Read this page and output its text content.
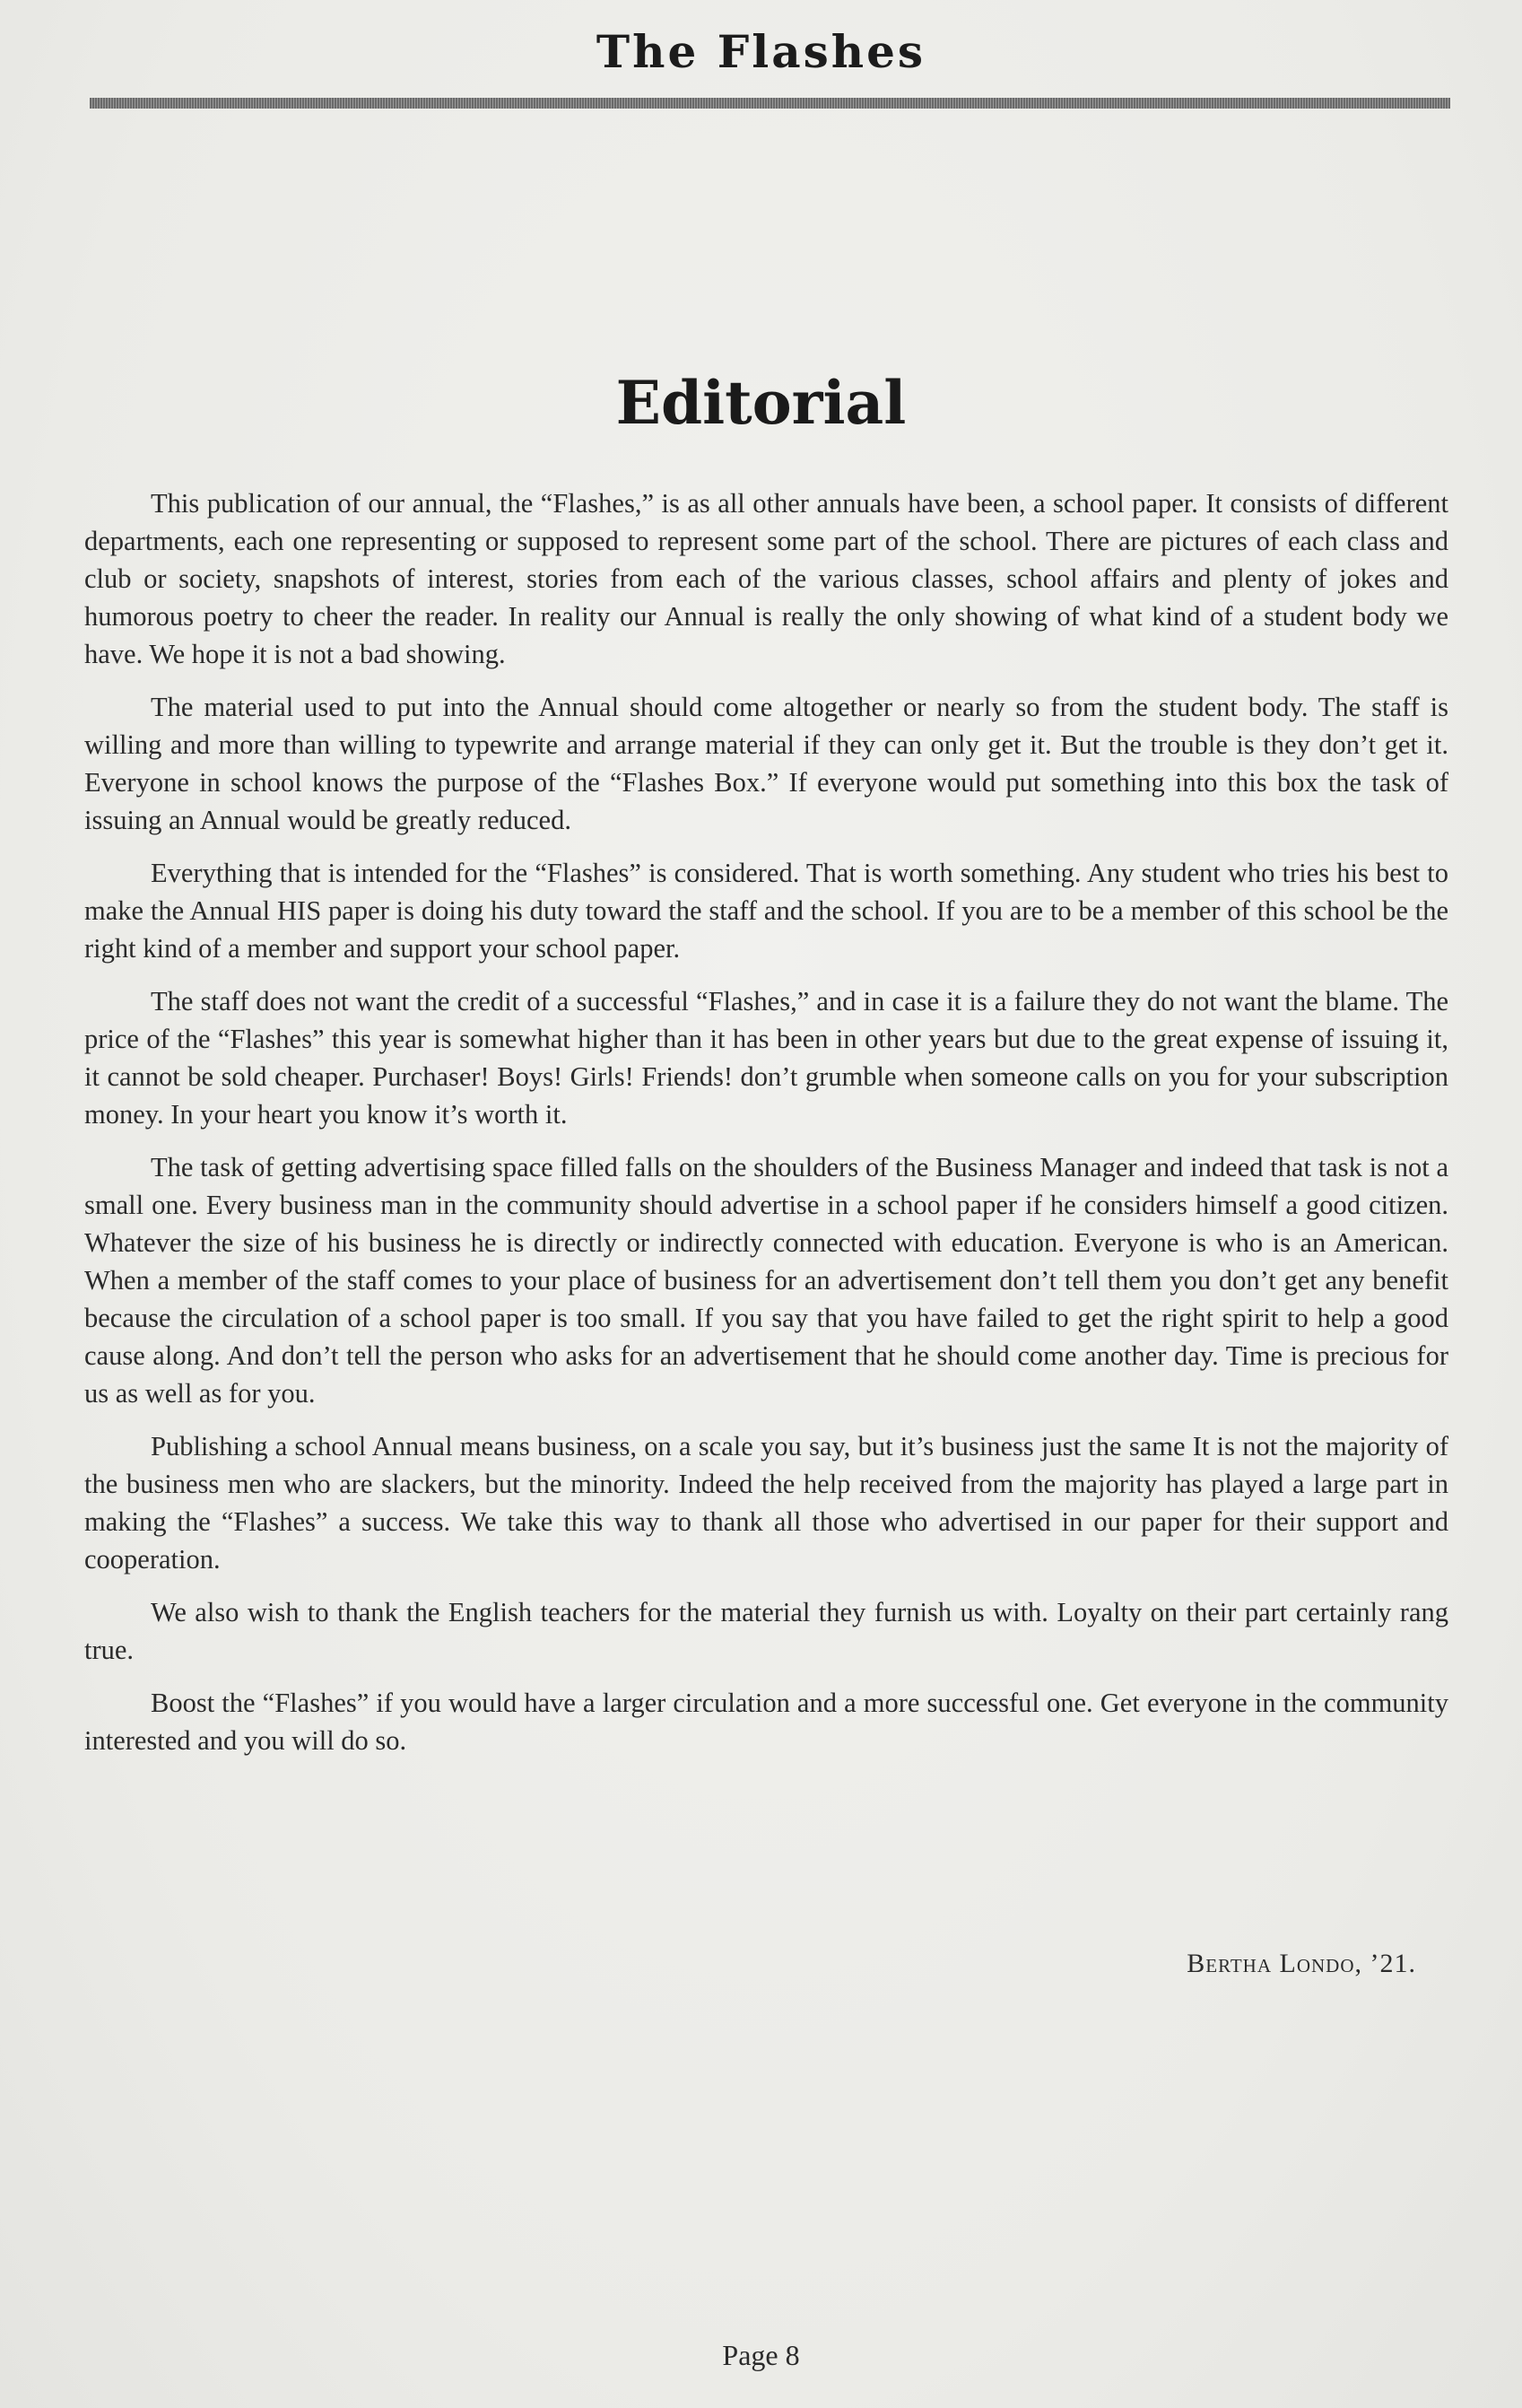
The Flashes
Editorial

This publication of our annual, the “Flashes,” is as all other annuals have been, a school paper. It consists of different departments, each one representing or supposed to represent some part of the school. There are pictures of each class and club or society, snapshots of interest, stories from each of the various classes, school affairs and plenty of jokes and humorous poetry to cheer the reader. In reality our Annual is really the only showing of what kind of a student body we have. We hope it is not a bad showing.

The material used to put into the Annual should come altogether or nearly so from the student body. The staff is willing and more than willing to typewrite and arrange material if they can only get it. But the trouble is they don’t get it. Everyone in school knows the purpose of the “Flashes Box.” If everyone would put something into this box the task of issuing an Annual would be greatly reduced.

Everything that is intended for the “Flashes” is considered. That is worth something. Any student who tries his best to make the Annual HIS paper is doing his duty toward the staff and the school. If you are to be a member of this school be the right kind of a member and support your school paper.

The staff does not want the credit of a successful “Flashes,” and in case it is a failure they do not want the blame. The price of the “Flashes” this year is somewhat higher than it has been in other years but due to the great expense of issuing it, it cannot be sold cheaper. Purchaser! Boys! Girls! Friends! don’t grumble when someone calls on you for your subscription money. In your heart you know it’s worth it.

The task of getting advertising space filled falls on the shoulders of the Business Manager and indeed that task is not a small one. Every business man in the community should advertise in a school paper if he considers himself a good citizen. Whatever the size of his business he is directly or indirectly connected with education. Everyone is who is an American. When a member of the staff comes to your place of business for an advertisement don’t tell them you don’t get any benefit because the circulation of a school paper is too small. If you say that you have failed to get the right spirit to help a good cause along. And don’t tell the person who asks for an advertisement that he should come another day. Time is precious for us as well as for you.

Publishing a school Annual means business, on a scale you say, but it’s business just the same It is not the majority of the business men who are slackers, but the minority. Indeed the help received from the majority has played a large part in making the “Flashes” a success. We take this way to thank all those who advertised in our paper for their support and cooperation.

We also wish to thank the English teachers for the material they furnish us with. Loyalty on their part certainly rang true.

Boost the “Flashes” if you would have a larger circulation and a more successful one. Get everyone in the community interested and you will do so.

Bertha Londo, ’21.
Page 8
